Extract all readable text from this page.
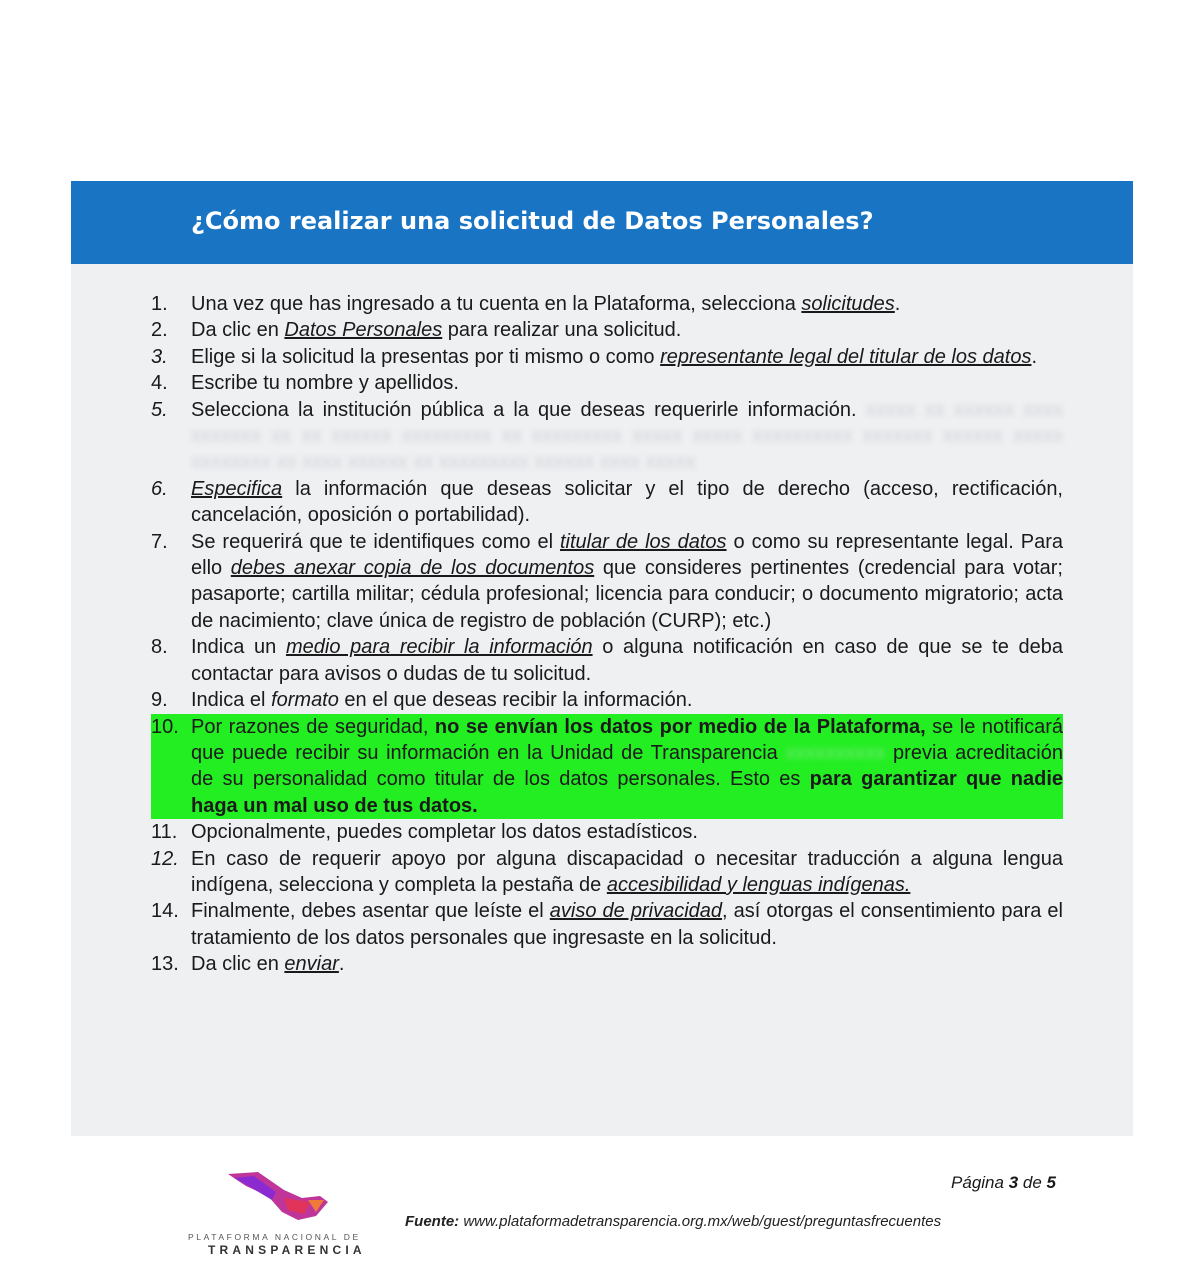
¿Cómo realizar una solicitud de Datos Personales?
1.	Una vez que has ingresado a tu cuenta en la Plataforma, selecciona solicitudes.
2.	Da clic en Datos Personales para realizar una solicitud.
3.	Elige si la solicitud la presentas por ti mismo o como representante legal del titular de los datos.
4.	Escribe tu nombre y apellidos.
5.	Selecciona la institución pública a la que deseas requerirle información. xxxxx xx xxxxxx xxxx xxxxxxx xx xx xxxxxx xxxxxxxxx xx xxxxxxxxx xxxxx xxxxx xxxxxxxxxx xxxxxxx xxxxxx xxxxx xxxxxxxx xx xxxx xxxxxx xx xxxxxxxxx xxxxxx xxxx xxxxx
6.	Especifica la información que deseas solicitar y el tipo de derecho (acceso, rectificación, cancelación, oposición o portabilidad).
7.	Se requerirá que te identifiques como el titular de los datos o como su representante legal. Para ello debes anexar copia de los documentos que consideres pertinentes (credencial para votar; pasaporte; cartilla militar; cédula profesional; licencia para conducir; o documento migratorio; acta de nacimiento; clave única de registro de población (CURP); etc.)
8.	Indica un medio para recibir la información o alguna notificación en caso de que se te deba contactar para avisos o dudas de tu solicitud.
9.	Indica el formato en el que deseas recibir la información.
10. Por razones de seguridad, no se envían los datos por medio de la Plataforma, se le notificará que puede recibir su información en la Unidad de Transparencia xxxxxxxxxx previa acreditación de su personalidad como titular de los datos personales. Esto es para garantizar que nadie haga un mal uso de tus datos.
11. Opcionalmente, puedes completar los datos estadísticos.
12. En caso de requerir apoyo por alguna discapacidad o necesitar traducción a alguna lengua indígena, selecciona y completa la pestaña de accesibilidad y lenguas indígenas.
14. Finalmente, debes asentar que leíste el aviso de privacidad, así otorgas el consentimiento para el tratamiento de los datos personales que ingresaste en la solicitud.
13. Da clic en enviar.
PLATAFORMA NACIONAL DE
TRANSPARENCIA
Página 3 de 5
Fuente: www.plataformadetransparencia.org.mx/web/guest/preguntasfrecuentes
